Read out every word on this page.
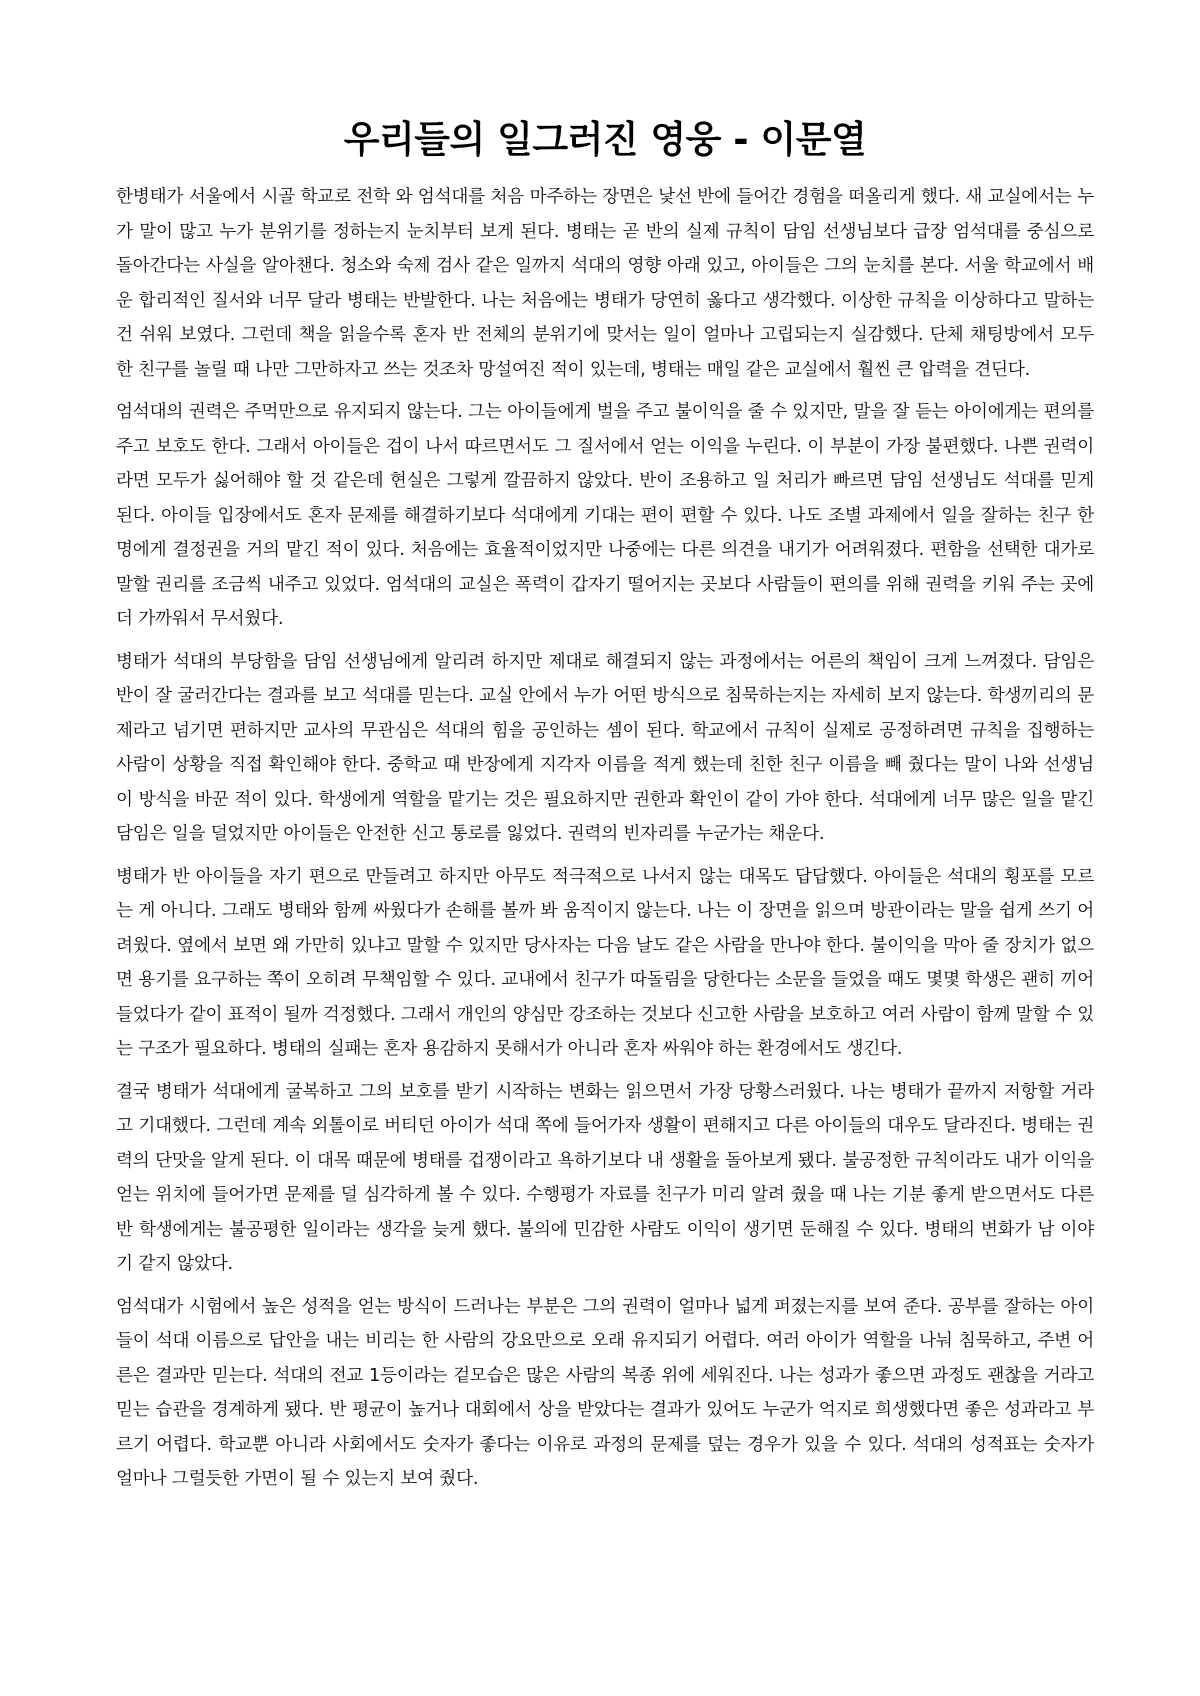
우리들의 일그러진 영웅 - 이문열

한병태가 서울에서 시골 학교로 전학 와 엄석대를 처음 마주하는 장면은 낯선 반에 들어간 경험을 떠올리게 했다. 새 교실에서는 누가 말이 많고 누가 분위기를 정하는지 눈치부터 보게 된다. 병태는 곧 반의 실제 규칙이 담임 선생님보다 급장 엄석대를 중심으로 돌아간다는 사실을 알아챈다. 청소와 숙제 검사 같은 일까지 석대의 영향 아래 있고, 아이들은 그의 눈치를 본다. 서울 학교에서 배운 합리적인 질서와 너무 달라 병태는 반발한다. 나는 처음에는 병태가 당연히 옳다고 생각했다. 이상한 규칙을 이상하다고 말하는 건 쉬워 보였다. 그런데 책을 읽을수록 혼자 반 전체의 분위기에 맞서는 일이 얼마나 고립되는지 실감했다. 단체 채팅방에서 모두 한 친구를 놀릴 때 나만 그만하자고 쓰는 것조차 망설여진 적이 있는데, 병태는 매일 같은 교실에서 훨씬 큰 압력을 견딘다.

엄석대의 권력은 주먹만으로 유지되지 않는다. 그는 아이들에게 벌을 주고 불이익을 줄 수 있지만, 말을 잘 듣는 아이에게는 편의를 주고 보호도 한다. 그래서 아이들은 겁이 나서 따르면서도 그 질서에서 얻는 이익을 누린다. 이 부분이 가장 불편했다. 나쁜 권력이라면 모두가 싫어해야 할 것 같은데 현실은 그렇게 깔끔하지 않았다. 반이 조용하고 일 처리가 빠르면 담임 선생님도 석대를 믿게 된다. 아이들 입장에서도 혼자 문제를 해결하기보다 석대에게 기대는 편이 편할 수 있다. 나도 조별 과제에서 일을 잘하는 친구 한 명에게 결정권을 거의 맡긴 적이 있다. 처음에는 효율적이었지만 나중에는 다른 의견을 내기가 어려워졌다. 편함을 선택한 대가로 말할 권리를 조금씩 내주고 있었다. 엄석대의 교실은 폭력이 갑자기 떨어지는 곳보다 사람들이 편의를 위해 권력을 키워 주는 곳에 더 가까워서 무서웠다.

병태가 석대의 부당함을 담임 선생님에게 알리려 하지만 제대로 해결되지 않는 과정에서는 어른의 책임이 크게 느껴졌다. 담임은 반이 잘 굴러간다는 결과를 보고 석대를 믿는다. 교실 안에서 누가 어떤 방식으로 침묵하는지는 자세히 보지 않는다. 학생끼리의 문제라고 넘기면 편하지만 교사의 무관심은 석대의 힘을 공인하는 셈이 된다. 학교에서 규칙이 실제로 공정하려면 규칙을 집행하는 사람이 상황을 직접 확인해야 한다. 중학교 때 반장에게 지각자 이름을 적게 했는데 친한 친구 이름을 빼 줬다는 말이 나와 선생님이 방식을 바꾼 적이 있다. 학생에게 역할을 맡기는 것은 필요하지만 권한과 확인이 같이 가야 한다. 석대에게 너무 많은 일을 맡긴 담임은 일을 덜었지만 아이들은 안전한 신고 통로를 잃었다. 권력의 빈자리를 누군가는 채운다.

병태가 반 아이들을 자기 편으로 만들려고 하지만 아무도 적극적으로 나서지 않는 대목도 답답했다. 아이들은 석대의 횡포를 모르는 게 아니다. 그래도 병태와 함께 싸웠다가 손해를 볼까 봐 움직이지 않는다. 나는 이 장면을 읽으며 방관이라는 말을 쉽게 쓰기 어려웠다. 옆에서 보면 왜 가만히 있냐고 말할 수 있지만 당사자는 다음 날도 같은 사람을 만나야 한다. 불이익을 막아 줄 장치가 없으면 용기를 요구하는 쪽이 오히려 무책임할 수 있다. 교내에서 친구가 따돌림을 당한다는 소문을 들었을 때도 몇몇 학생은 괜히 끼어들었다가 같이 표적이 될까 걱정했다. 그래서 개인의 양심만 강조하는 것보다 신고한 사람을 보호하고 여러 사람이 함께 말할 수 있는 구조가 필요하다. 병태의 실패는 혼자 용감하지 못해서가 아니라 혼자 싸워야 하는 환경에서도 생긴다.

결국 병태가 석대에게 굴복하고 그의 보호를 받기 시작하는 변화는 읽으면서 가장 당황스러웠다. 나는 병태가 끝까지 저항할 거라고 기대했다. 그런데 계속 외톨이로 버티던 아이가 석대 쪽에 들어가자 생활이 편해지고 다른 아이들의 대우도 달라진다. 병태는 권력의 단맛을 알게 된다. 이 대목 때문에 병태를 겁쟁이라고 욕하기보다 내 생활을 돌아보게 됐다. 불공정한 규칙이라도 내가 이익을 얻는 위치에 들어가면 문제를 덜 심각하게 볼 수 있다. 수행평가 자료를 친구가 미리 알려 줬을 때 나는 기분 좋게 받으면서도 다른 반 학생에게는 불공평한 일이라는 생각을 늦게 했다. 불의에 민감한 사람도 이익이 생기면 둔해질 수 있다. 병태의 변화가 남 이야기 같지 않았다.

엄석대가 시험에서 높은 성적을 얻는 방식이 드러나는 부분은 그의 권력이 얼마나 넓게 퍼졌는지를 보여 준다. 공부를 잘하는 아이들이 석대 이름으로 답안을 내는 비리는 한 사람의 강요만으로 오래 유지되기 어렵다. 여러 아이가 역할을 나눠 침묵하고, 주변 어른은 결과만 믿는다. 석대의 전교 1등이라는 겉모습은 많은 사람의 복종 위에 세워진다. 나는 성과가 좋으면 과정도 괜찮을 거라고 믿는 습관을 경계하게 됐다. 반 평균이 높거나 대회에서 상을 받았다는 결과가 있어도 누군가 억지로 희생했다면 좋은 성과라고 부르기 어렵다. 학교뿐 아니라 사회에서도 숫자가 좋다는 이유로 과정의 문제를 덮는 경우가 있을 수 있다. 석대의 성적표는 숫자가 얼마나 그럴듯한 가면이 될 수 있는지 보여 줬다.
